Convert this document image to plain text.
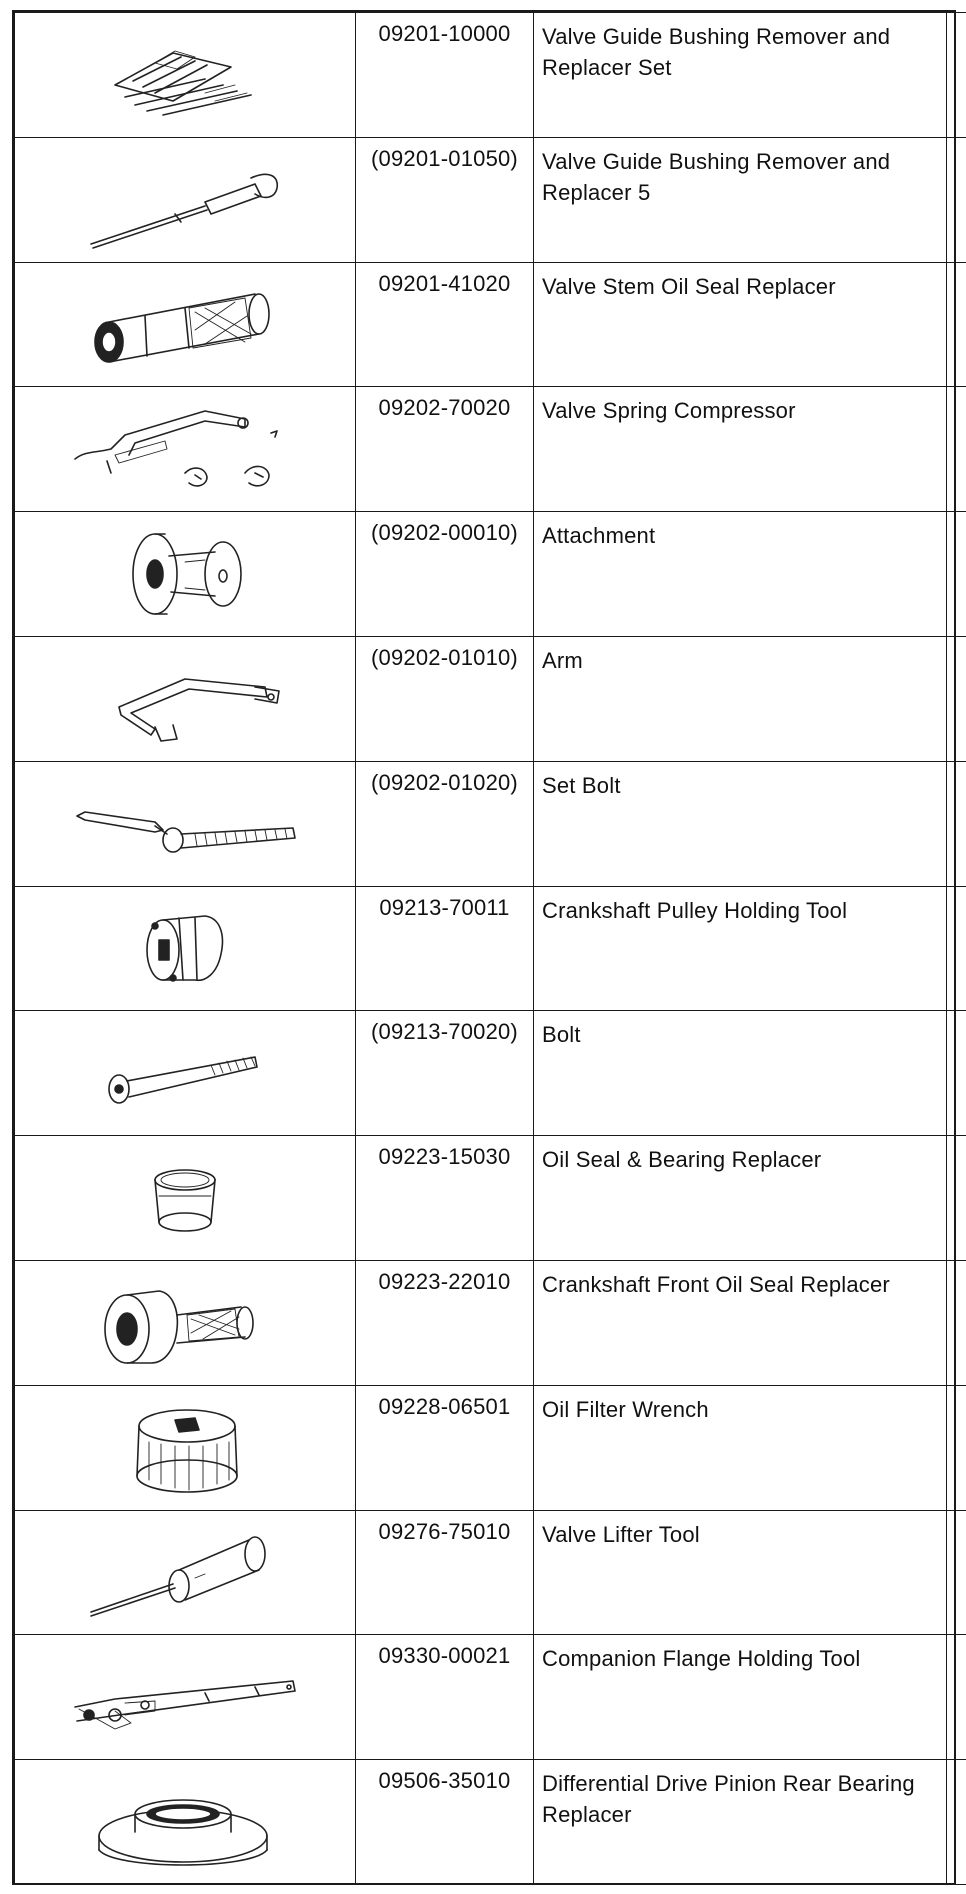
	09201-10000	Valve Guide Bushing Remover and Replacer Set	

	(09201-01050)	Valve Guide Bushing Remover and Replacer 5	

	09201-41020	Valve Stem Oil Seal Replacer	

	09202-70020	Valve Spring Compressor	

	(09202-00010)	Attachment	

	(09202-01010)	Arm	

	(09202-01020)	Set Bolt	

	09213-70011	Crankshaft Pulley Holding Tool	

	(09213-70020)	Bolt	

	09223-15030	Oil Seal & Bearing Replacer	

	09223-22010	Crankshaft Front Oil Seal Replacer	

	09228-06501	Oil Filter Wrench	

	09276-75010	Valve Lifter Tool	

	09330-00021	Companion Flange Holding Tool	

	09506-35010	Differential Drive Pinion Rear Bearing Replacer	
